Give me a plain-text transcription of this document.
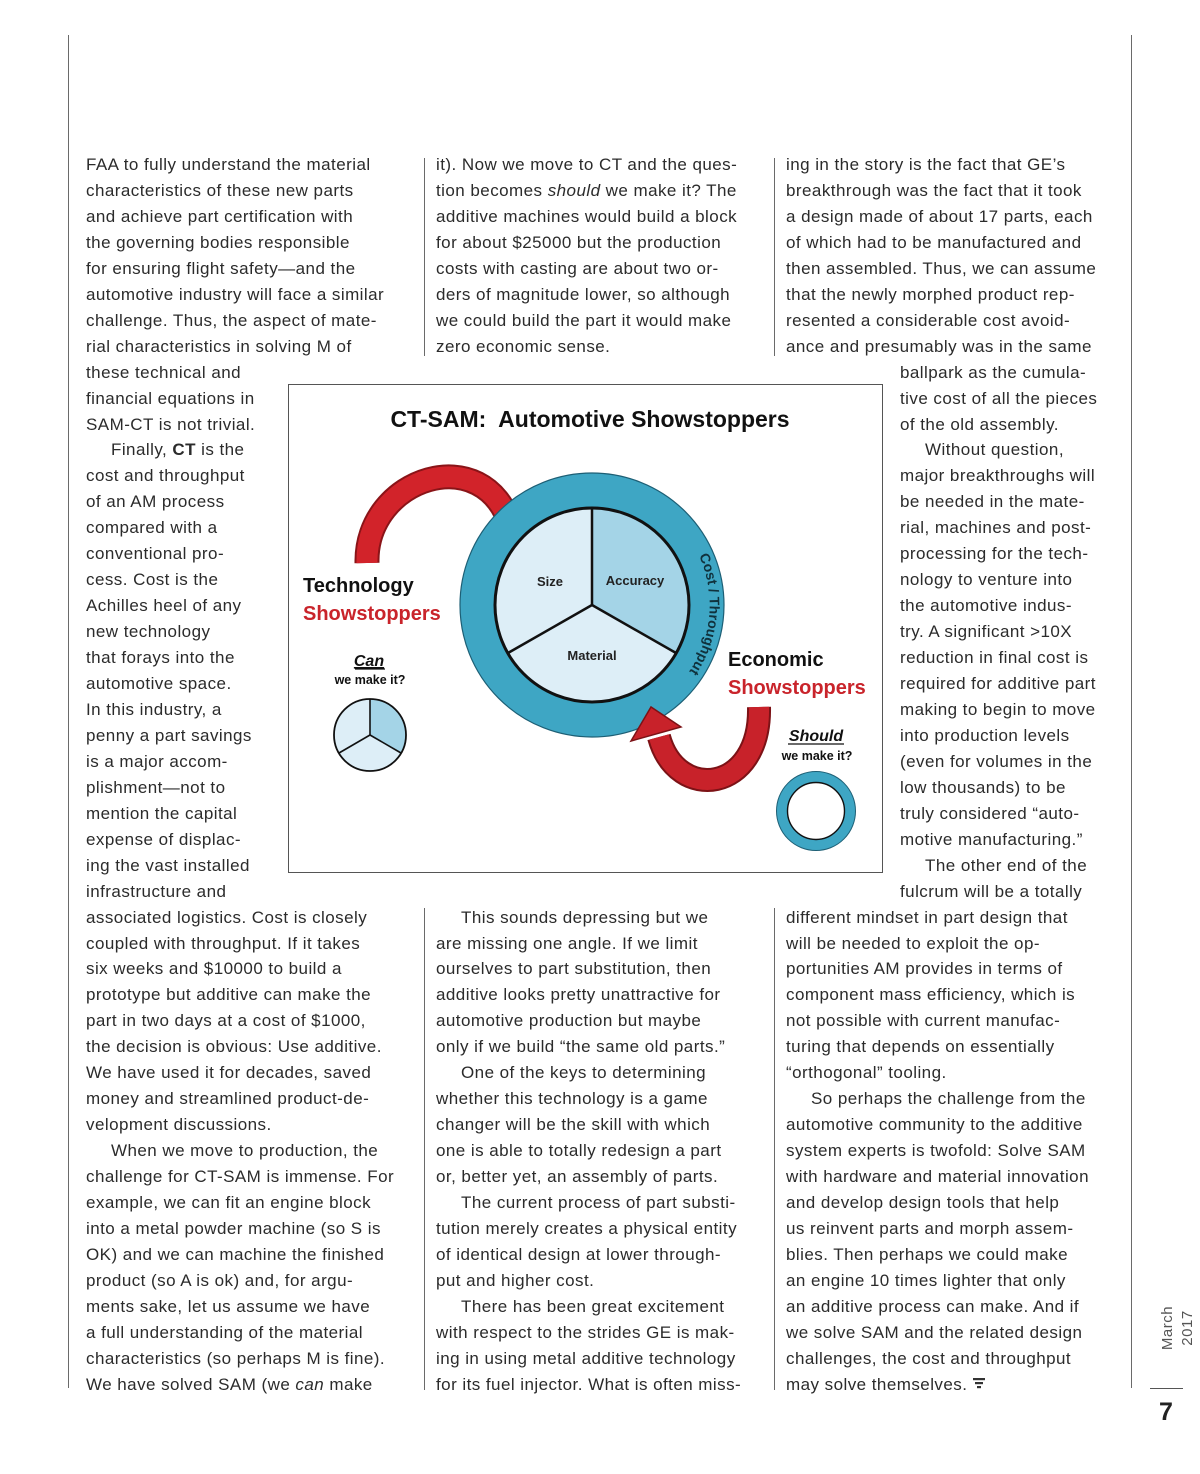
FAA to fully understand the material
characteristics of these new parts
and achieve part certification with
the governing bodies responsible
for ensuring flight safety—and the
automotive industry will face a similar
challenge. Thus, the aspect of mate-
rial characteristics in solving M of
these technical and
financial equations in
SAM-CT is not trivial.
Finally, CT is the
cost and throughput
of an AM process
compared with a
conventional pro-
cess. Cost is the
Achilles heel of any
new technology
that forays into the
automotive space.
In this industry, a
penny a part savings
is a major accom-
plishment—not to
mention the capital
expense of displac-
ing the vast installed
infrastructure and
associated logistics. Cost is closely
coupled with throughput. If it takes
six weeks and $10000 to build a
prototype but additive can make the
part in two days at a cost of $1000,
the decision is obvious: Use additive.
We have used it for decades, saved
money and streamlined product-de-
velopment discussions.
When we move to production, the
challenge for CT-SAM is immense. For
example, we can fit an engine block
into a metal powder machine (so S is
OK) and we can machine the finished
product (so A is ok) and, for argu-
ments sake, let us assume we have
a full understanding of the material
characteristics (so perhaps M is fine).
We have solved SAM (we can make
it). Now we move to CT and the ques-
tion becomes should we make it? The
additive machines would build a block
for about $25000 but the production
costs with casting are about two or-
ders of magnitude lower, so although
we could build the part it would make
zero economic sense.
This sounds depressing but we
are missing one angle. If we limit
ourselves to part substitution, then
additive looks pretty unattractive for
automotive production but maybe
only if we build “the same old parts.”
One of the keys to determining
whether this technology is a game
changer will be the skill with which
one is able to totally redesign a part
or, better yet, an assembly of parts.
The current process of part substi-
tution merely creates a physical entity
of identical design at lower through-
put and higher cost.
There has been great excitement
with respect to the strides GE is mak-
ing in using metal additive technology
for its fuel injector. What is often miss-
ing in the story is the fact that GE’s
breakthrough was the fact that it took
a design made of about 17 parts, each
of which had to be manufactured and
then assembled. Thus, we can assume
that the newly morphed product rep-
resented a considerable cost avoid-
ance and presumably was in the same
ballpark as the cumula-
tive cost of all the pieces
of the old assembly.
Without question,
major breakthroughs will
be needed in the mate-
rial, machines and post-
processing for the tech-
nology to venture into
the automotive indus-
try. A significant >10X
reduction in final cost is
required for additive part
making to begin to move
into production levels
(even for volumes in the
low thousands) to be
truly considered “auto-
motive manufacturing.”
The other end of the
fulcrum will be a totally
different mindset in part design that
will be needed to exploit the op-
portunities AM provides in terms of
component mass efficiency, which is
not possible with current manufac-
turing that depends on essentially
“orthogonal” tooling.
So perhaps the challenge from the
automotive community to the additive
system experts is twofold: Solve SAM
with hardware and material innovation
and develop design tools that help
us reinvent parts and morph assem-
blies. Then perhaps we could make
an engine 10 times lighter that only
an additive process can make. And if
we solve SAM and the related design
challenges, the cost and throughput
may solve themselves.
CT-SAM:  Automotive Showstoppers
Size	Accuracy
Material
Cost / Throughput
Technology
Showstoppers
Can
we make it?
Economic
Showstoppers
Should
we make it?
March 2017
7
